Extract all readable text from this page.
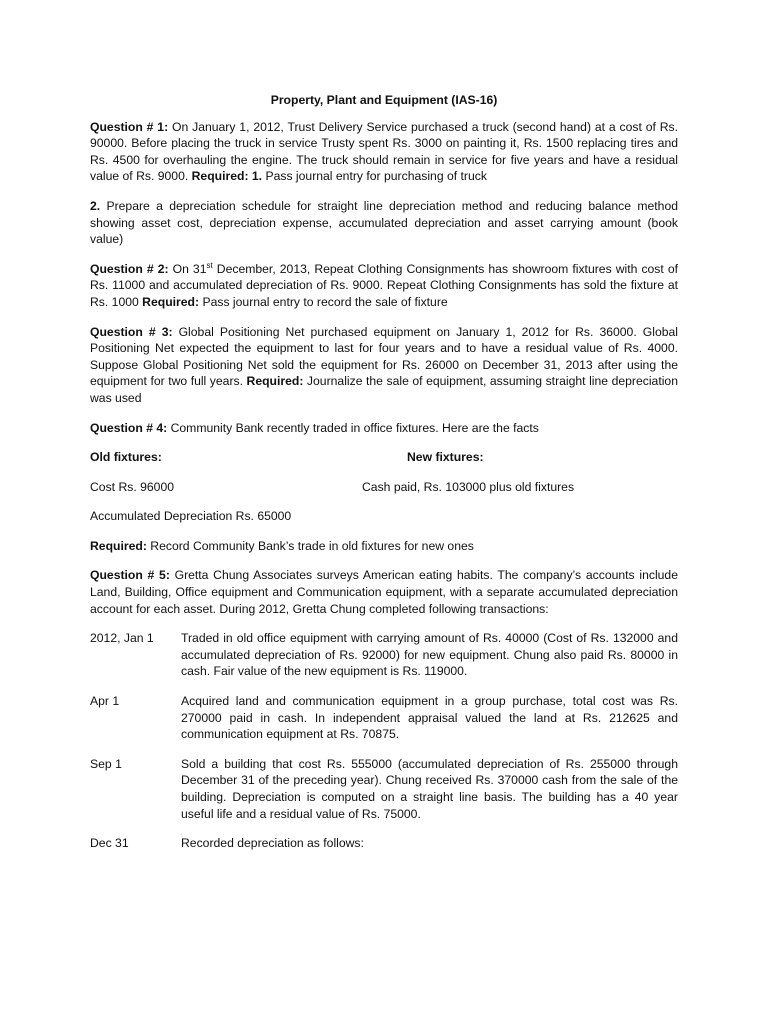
Property, Plant and Equipment (IAS-16)

Question # 1: On January 1, 2012, Trust Delivery Service purchased a truck (second hand) at a cost of Rs. 90000. Before placing the truck in service Trusty spent Rs. 3000 on painting it, Rs. 1500 replacing tires and Rs. 4500 for overhauling the engine. The truck should remain in service for five years and have a residual value of Rs. 9000. Required: 1. Pass journal entry for purchasing of truck

2. Prepare a depreciation schedule for straight line depreciation method and reducing balance method showing asset cost, depreciation expense, accumulated depreciation and asset carrying amount (book value)

Question # 2: On 31st December, 2013, Repeat Clothing Consignments has showroom fixtures with cost of Rs. 11000 and accumulated depreciation of Rs. 9000. Repeat Clothing Consignments has sold the fixture at Rs. 1000 Required: Pass journal entry to record the sale of fixture

Question # 3: Global Positioning Net purchased equipment on January 1, 2012 for Rs. 36000. Global Positioning Net expected the equipment to last for four years and to have a residual value of Rs. 4000. Suppose Global Positioning Net sold the equipment for Rs. 26000 on December 31, 2013 after using the equipment for two full years. Required: Journalize the sale of equipment, assuming straight line depreciation was used

Question # 4: Community Bank recently traded in office fixtures. Here are the facts

Old fixtures:	New fixtures:
Cost Rs. 96000	Cash paid, Rs. 103000 plus old fixtures

Accumulated Depreciation Rs. 65000

Required: Record Community Bank’s trade in old fixtures for new ones

Question # 5: Gretta Chung Associates surveys American eating habits. The company’s accounts include Land, Building, Office equipment and Communication equipment, with a separate accumulated depreciation account for each asset. During 2012, Gretta Chung completed following transactions:

2012, Jan 1	Traded in old office equipment with carrying amount of Rs. 40000 (Cost of Rs. 132000 and accumulated depreciation of Rs. 92000) for new equipment. Chung also paid Rs. 80000 in cash. Fair value of the new equipment is Rs. 119000.
Apr 1	Acquired land and communication equipment in a group purchase, total cost was Rs. 270000 paid in cash. In independent appraisal valued the land at Rs. 212625 and communication equipment at Rs. 70875.
Sep 1	Sold a building that cost Rs. 555000 (accumulated depreciation of Rs. 255000 through December 31 of the preceding year). Chung received Rs. 370000 cash from the sale of the building. Depreciation is computed on a straight line basis. The building has a 40 year useful life and a residual value of Rs. 75000.
Dec 31	Recorded depreciation as follows:
